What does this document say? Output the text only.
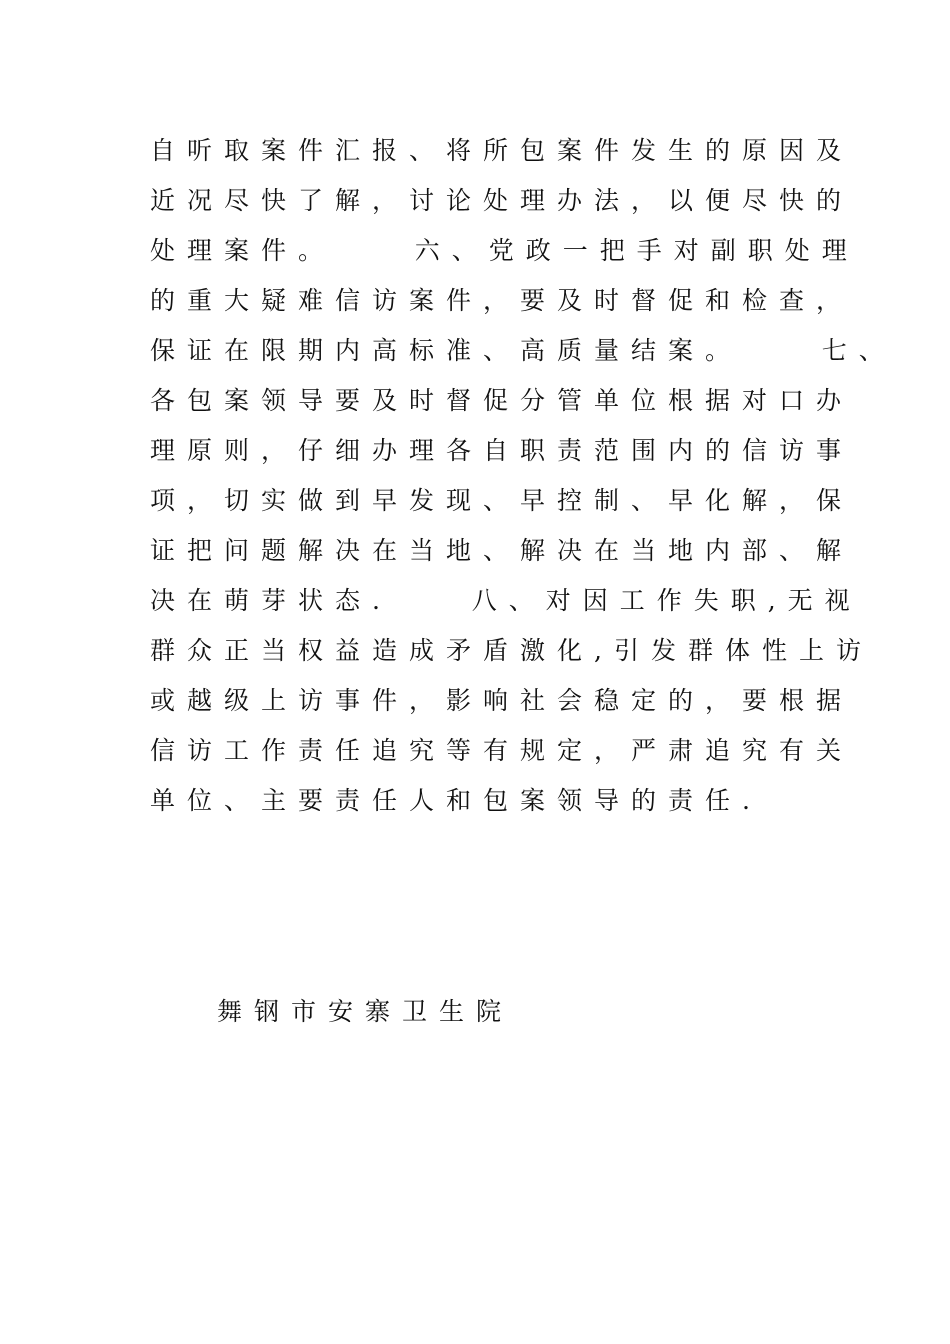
自听取案件汇报、将所包案件发生的原因及
近况尽快了解，讨论处理办法，以便尽快的
处理案件。    六、党政一把手对副职处理
的重大疑难信访案件，要及时督促和检查，
保证在限期内高标准、高质量结案。    七、
各包案领导要及时督促分管单位根据对口办
理原则，仔细办理各自职责范围内的信访事
项，切实做到早发现、早控制、早化解，保
证把问题解决在当地、解决在当地内部、解
决在萌芽状态.    八、对因工作失职,无视
群众正当权益造成矛盾激化,引发群体性上访
或越级上访事件，影响社会稳定的，要根据
信访工作责任追究等有规定，严肃追究有关
单位、主要责任人和包案领导的责任.
舞钢市安寨卫生院
